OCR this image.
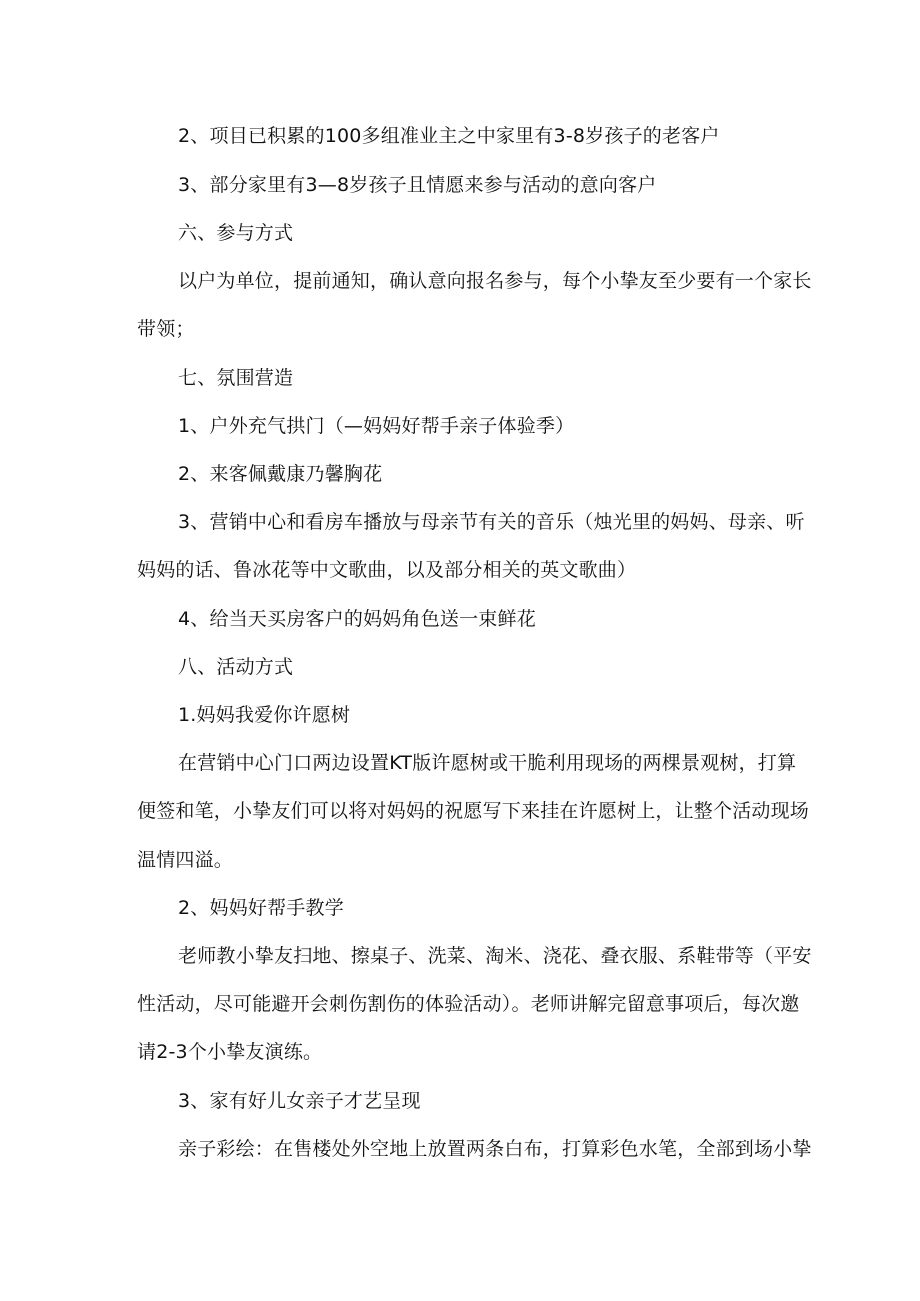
2、项目已积累的100多组准业主之中家里有3-8岁孩子的老客户
3、部分家里有3—8岁孩子且情愿来参与活动的意向客户
六、参与方式
以户为单位，提前通知，确认意向报名参与，每个小挚友至少要有一个家长
带领；
七、氛围营造
1、户外充气拱门（—妈妈好帮手亲子体验季）
2、来客佩戴康乃馨胸花
3、营销中心和看房车播放与母亲节有关的音乐（烛光里的妈妈、母亲、听
妈妈的话、鲁冰花等中文歌曲，以及部分相关的英文歌曲）
4、给当天买房客户的妈妈角色送一束鲜花
八、活动方式
1.妈妈我爱你许愿树
在营销中心门口两边设置KT版许愿树或干脆利用现场的两棵景观树，打算
便签和笔，小挚友们可以将对妈妈的祝愿写下来挂在许愿树上，让整个活动现场
温情四溢。
2、妈妈好帮手教学
老师教小挚友扫地、擦桌子、洗菜、淘米、浇花、叠衣服、系鞋带等（平安
性活动，尽可能避开会刺伤割伤的体验活动）。老师讲解完留意事项后，每次邀
请2-3个小挚友演练。
3、家有好儿女亲子才艺呈现
亲子彩绘：在售楼处外空地上放置两条白布，打算彩色水笔，全部到场小挚
